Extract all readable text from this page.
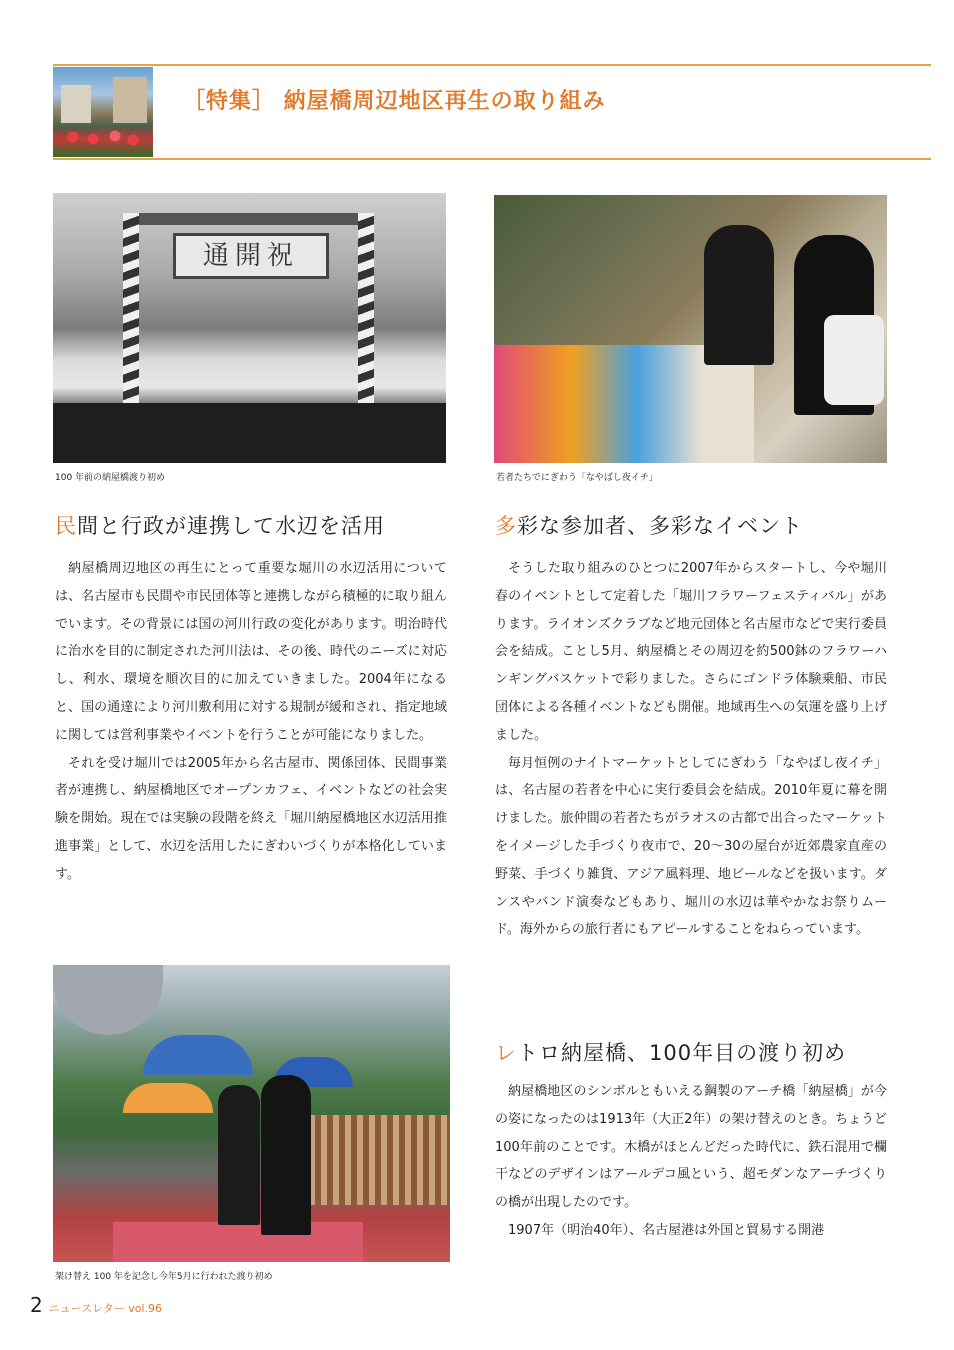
［特集］ 納屋橋周辺地区再生の取り組み
通開祝
100 年前の納屋橋渡り初め	若者たちでにぎわう「なやばし夜イチ」
民間と行政が連携して水辺を活用

納屋橋周辺地区の再生にとって重要な堀川の水辺活用については、名古屋市も民間や市民団体等と連携しながら積極的に取り組んでいます。その背景には国の河川行政の変化があります。明治時代に治水を目的に制定された河川法は、その後、時代のニーズに対応し、利水、環境を順次目的に加えていきました。2004年になると、国の通達により河川敷利用に対する規制が緩和され、指定地域に関しては営利事業やイベントを行うことが可能になりました。

それを受け堀川では2005年から名古屋市、関係団体、民間事業者が連携し、納屋橋地区でオープンカフェ、イベントなどの社会実験を開始。現在では実験の段階を終え「堀川納屋橋地区水辺活用推進事業」として、水辺を活用したにぎわいづくりが本格化しています。

架け替え 100 年を記念し今年5月に行われた渡り初め
多彩な参加者、多彩なイベント

そうした取り組みのひとつに2007年からスタートし、今や堀川春のイベントとして定着した「堀川フラワーフェスティバル」があります。ライオンズクラブなど地元団体と名古屋市などで実行委員会を結成。ことし5月、納屋橋とその周辺を約500鉢のフラワーハンギングバスケットで彩りました。さらにゴンドラ体験乗船、市民団体による各種イベントなども開催。地域再生への気運を盛り上げました。

毎月恒例のナイトマーケットとしてにぎわう「なやばし夜イチ」は、名古屋の若者を中心に実行委員会を結成。2010年夏に幕を開けました。旅仲間の若者たちがラオスの古都で出合ったマーケットをイメージした手づくり夜市で、20～30の屋台が近郊農家直産の野菜、手づくり雑貨、アジア風料理、地ビールなどを扱います。ダンスやバンド演奏などもあり、堀川の水辺は華やかなお祭りムード。海外からの旅行者にもアピールすることをねらっています。

レトロ納屋橋、100年目の渡り初め

納屋橋地区のシンボルともいえる鋼製のアーチ橋「納屋橋」が今の姿になったのは1913年（大正2年）の架け替えのとき。ちょうど100年前のことです。木橋がほとんどだった時代に、鉄石混用で欄干などのデザインはアールデコ風という、超モダンなアーチづくりの橋が出現したのです。

1907年（明治40年）、名古屋港は外国と貿易する開港

2 ニュースレター vol.96
